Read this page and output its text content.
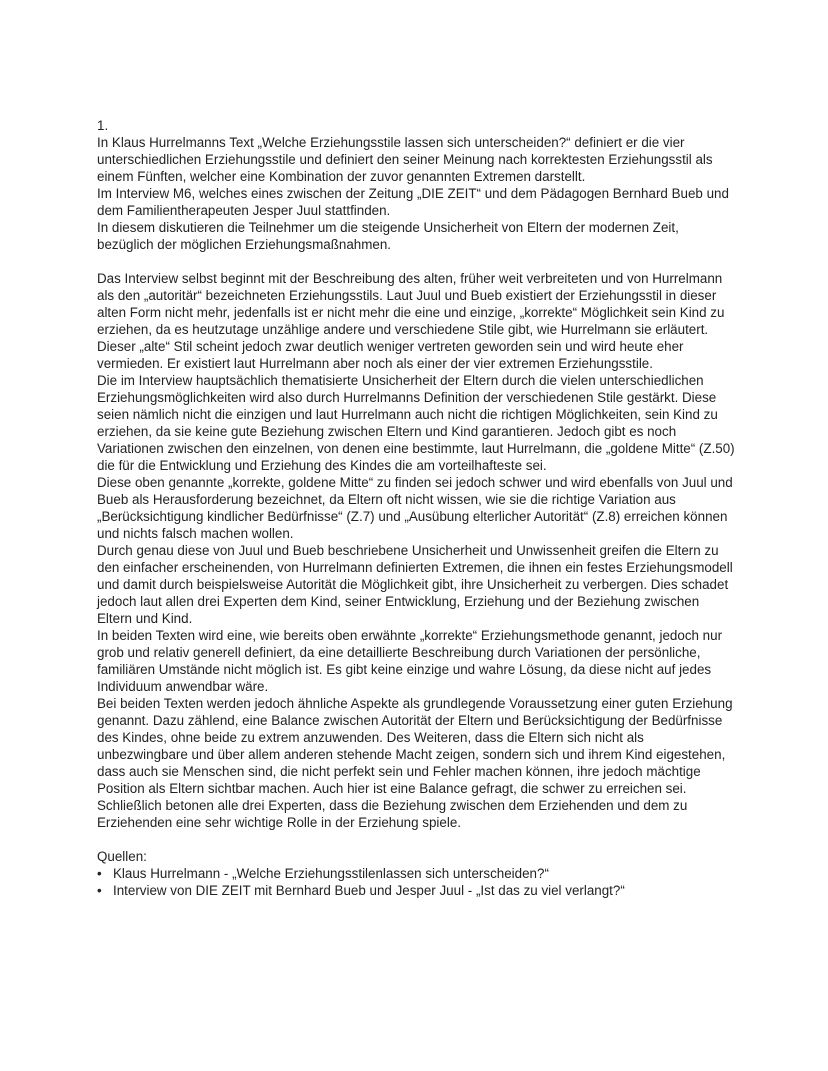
1.

In Klaus Hurrelmanns Text „Welche Erziehungsstile lassen sich unterscheiden?“ definiert er die vier unterschiedlichen Erziehungsstile und definiert den seiner Meinung nach korrektesten Erziehungsstil als einem Fünften, welcher eine Kombination der zuvor genannten Extremen darstellt.

Im Interview M6, welches eines zwischen der Zeitung „DIE ZEIT“ und dem Pädagogen Bernhard Bueb und dem Familientherapeuten Jesper Juul stattfinden.

In diesem diskutieren die Teilnehmer um die steigende Unsicherheit von Eltern der modernen Zeit, bezüglich der möglichen Erziehungsmaßnahmen.

Das Interview selbst beginnt mit der Beschreibung des alten, früher weit verbreiteten und von Hurrelmann als den „autoritär“ bezeichneten Erziehungsstils. Laut Juul und Bueb existiert der Erziehungsstil in dieser alten Form nicht mehr, jedenfalls ist er nicht mehr die eine und einzige, „korrekte“ Möglichkeit sein Kind zu erziehen, da es heutzutage unzählige andere und verschiedene Stile gibt, wie Hurrelmann sie erläutert. Dieser „alte“ Stil scheint jedoch zwar deutlich weniger vertreten geworden sein und wird heute eher vermieden. Er existiert laut Hurrelmann aber noch als einer der vier extremen Erziehungsstile.

Die im Interview hauptsächlich thematisierte Unsicherheit der Eltern durch die vielen unterschiedlichen Erziehungsmöglichkeiten wird also durch Hurrelmanns Definition der verschiedenen Stile gestärkt. Diese seien nämlich nicht die einzigen und laut Hurrelmann auch nicht die richtigen Möglichkeiten, sein Kind zu erziehen, da sie keine gute Beziehung zwischen Eltern und Kind garantieren. Jedoch gibt es noch Variationen zwischen den einzelnen, von denen eine bestimmte, laut Hurrelmann, die „goldene Mitte“ (Z.50) die für die Entwicklung und Erziehung des Kindes die am vorteilhafteste sei.

Diese oben genannte „korrekte, goldene Mitte“ zu finden sei jedoch schwer und wird ebenfalls von Juul und Bueb als Herausforderung bezeichnet, da Eltern oft nicht wissen, wie sie die richtige Variation aus „Berücksichtigung kindlicher Bedürfnisse“ (Z.7) und „Ausübung elterlicher Autorität“ (Z.8) erreichen können und nichts falsch machen wollen.

Durch genau diese von Juul und Bueb beschriebene Unsicherheit und Unwissenheit greifen die Eltern zu den einfacher erscheinenden, von Hurrelmann definierten Extremen, die ihnen ein festes Erziehungsmodell und damit durch beispielsweise Autorität die Möglichkeit gibt, ihre Unsicherheit zu verbergen. Dies schadet jedoch laut allen drei Experten dem Kind, seiner Entwicklung, Erziehung und der Beziehung zwischen Eltern und Kind.

In beiden Texten wird eine, wie bereits oben erwähnte „korrekte“ Erziehungsmethode genannt, jedoch nur grob und relativ generell definiert, da eine detaillierte Beschreibung durch Variationen der persönliche, familiären Umstände nicht möglich ist. Es gibt keine einzige und wahre Lösung, da diese nicht auf jedes Individuum anwendbar wäre.

Bei beiden Texten werden jedoch ähnliche Aspekte als grundlegende Voraussetzung einer guten Erziehung genannt. Dazu zählend, eine Balance zwischen Autorität der Eltern und Berücksichtigung der Bedürfnisse des Kindes, ohne beide zu extrem anzuwenden. Des Weiteren, dass die Eltern sich nicht als unbezwingbare und über allem anderen stehende Macht zeigen, sondern sich und ihrem Kind eigestehen, dass auch sie Menschen sind, die nicht perfekt sein und Fehler machen können, ihre jedoch mächtige Position als Eltern sichtbar machen. Auch hier ist eine Balance gefragt, die schwer zu erreichen sei.

Schließlich betonen alle drei Experten, dass die Beziehung zwischen dem Erziehenden und dem zu Erziehenden eine sehr wichtige Rolle in der Erziehung spiele.

Quellen:

• Klaus Hurrelmann - „Welche Erziehungsstilenlassen sich unterscheiden?“
• Interview von DIE ZEIT mit Bernhard Bueb und Jesper Juul - „Ist das zu viel verlangt?“
